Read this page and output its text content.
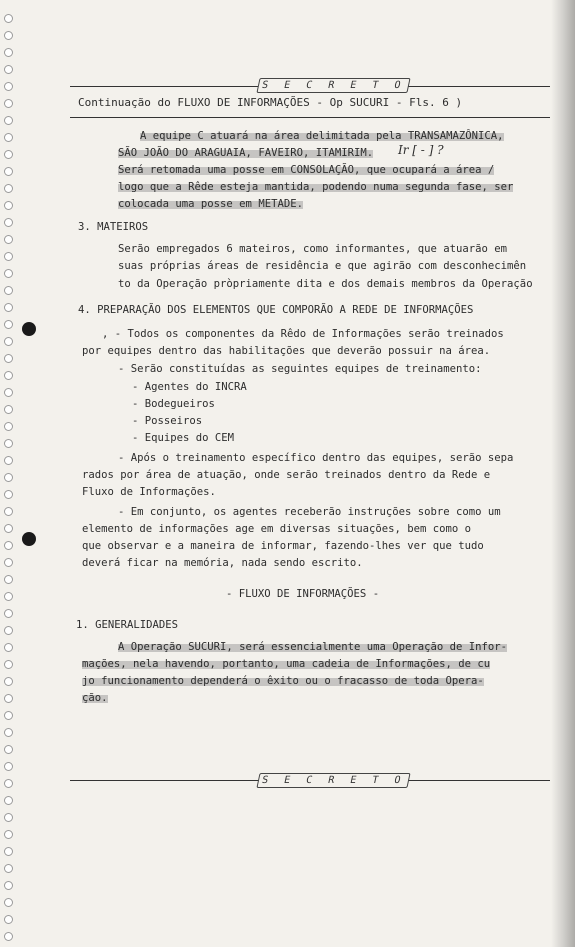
S E C R E T O
Continuação do FLUXO DE INFORMAÇÕES - Op SUCURI - Fls. 6 )
A equipe C atuará na área delimitada pela TRANSAMAZÔNICA,
SÃO JOÃO DO ARAGUAIA, FAVEIRO, ITAMIRIM. Ir [ - ] ?
Será retomada uma posse em CONSOLAÇÃO, que ocupará a área /
logo que a Rêde esteja mantida, podendo numa segunda fase, ser
colocada uma posse em METADE.
3. MATEIROS
Serão empregados 6 mateiros, como informantes, que atuarão em
suas próprias áreas de residência e que agirão com desconhecimên
to da Operação pròpriamente dita e dos demais membros da Operação
4. PREPARAÇÃO DOS ELEMENTOS QUE COMPORÃO A REDE DE INFORMAÇÕES
, - Todos os componentes da Rêdo de Informações serão treinados
por equipes dentro das habilitações que deverão possuir na área.
- Serão constituídas as seguintes equipes de treinamento:
- Agentes do INCRA
- Bodegueiros
- Posseiros
- Equipes do CEM
- Após o treinamento específico dentro das equipes, serão sepa
rados por área de atuação, onde serão treinados dentro da Rede e
Fluxo de Informações.
- Em conjunto, os agentes receberão instruções sobre como um
elemento de informações age em diversas situações, bem como o
que observar e a maneira de informar, fazendo-lhes ver que tudo
deverá ficar na memória, nada sendo escrito.
- FLUXO DE INFORMAÇÕES -
1. GENERALIDADES
A Operação SUCURI, será essencialmente uma Operação de Infor-
mações, nela havendo, portanto, uma cadeia de Informações, de cu
jo funcionamento dependerá o êxito ou o fracasso de toda Opera-
ção.
S E C R E T O
